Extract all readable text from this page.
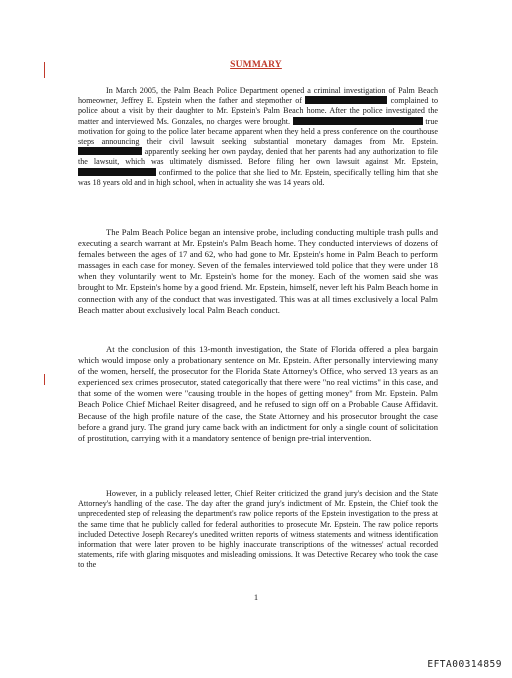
SUMMARY

In March 2005, the Palm Beach Police Department opened a criminal investigation of Palm Beach homeowner, Jeffrey E. Epstein when the father and stepmother of	complained to police about a visit by their daughter to Mr. Epstein's Palm Beach home. After the police investigated the matter and interviewed Ms. Gonzales, no charges were brought.	true motivation for going to the police later became apparent when they held a press conference on the courthouse steps announcing their civil lawsuit seeking substantial monetary damages from Mr. Epstein.  apparently seeking her own payday, denied that her parents had any authorization to file the lawsuit, which was ultimately dismissed. Before filing her own lawsuit against Mr. Epstein,  confirmed to the police that she lied to Mr. Epstein, specifically telling him that she was 18 years old and in high school, when in actuality she was 14 years old.

The Palm Beach Police began an intensive probe, including conducting multiple trash pulls and executing a search warrant at Mr. Epstein's Palm Beach home. They conducted interviews of dozens of females between the ages of 17 and 62, who had gone to Mr. Epstein's home in Palm Beach to perform massages in each case for money. Seven of the females interviewed told police that they were under 18 when they voluntarily went to Mr. Epstein's home for the money. Each of the women said she was brought to Mr. Epstein's home by a good friend. Mr. Epstein, himself, never left his Palm Beach home in connection with any of the conduct that was investigated. This was at all times exclusively a local Palm Beach matter about exclusively local Palm Beach conduct.

At the conclusion of this 13-month investigation, the State of Florida offered a plea bargain which would impose only a probationary sentence on Mr. Epstein. After personally interviewing many of the women, herself, the prosecutor for the Florida State Attorney's Office, who served 13 years as an experienced sex crimes prosecutor, stated categorically that there were "no real victims" in this case, and that some of the women were "causing trouble in the hopes of getting money" from Mr. Epstein. Palm Beach Police Chief Michael Reiter disagreed, and he refused to sign off on a Probable Cause Affidavit. Because of the high profile nature of the case, the State Attorney and his prosecutor brought the case before a grand jury. The grand jury came back with an indictment for only a single count of solicitation of prostitution, carrying with it a mandatory sentence of benign pre-trial intervention.

However, in a publicly released letter, Chief Reiter criticized the grand jury's decision and the State Attorney's handling of the case. The day after the grand jury's indictment of Mr. Epstein, the Chief took the unprecedented step of releasing the department's raw police reports of the Epstein investigation to the press at the same time that he publicly called for federal authorities to prosecute Mr. Epstein. The raw police reports included Detective Joseph Recarey's unedited written reports of witness statements and witness identification information that were later proven to be highly inaccurate transcriptions of the witnesses' actual recorded statements, rife with glaring misquotes and misleading omissions. It was Detective Recarey who took the case to the

1
EFTA00314859
